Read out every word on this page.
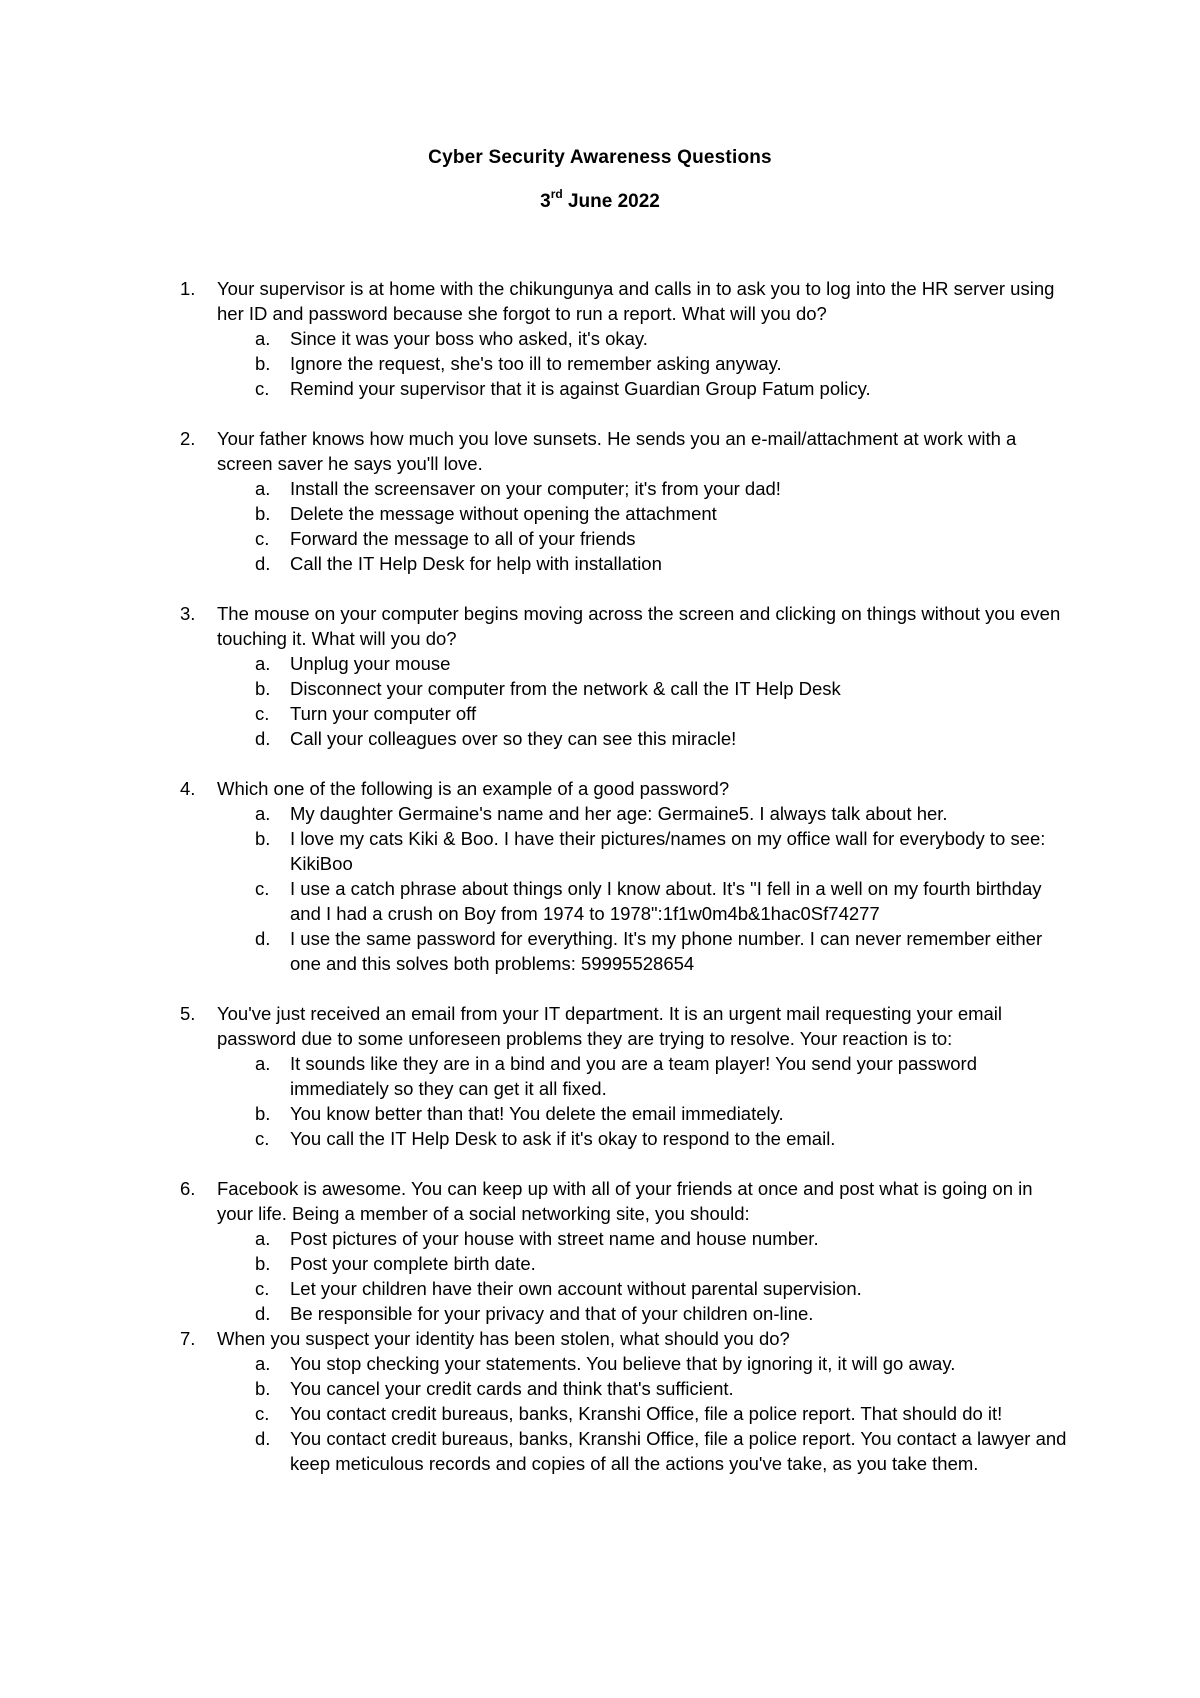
Cyber Security Awareness Questions
3rd June 2022
1.	Your supervisor is at home with the chikungunya and calls in to ask you to log into the HR server using her ID and password because she forgot to run a report. What will you do?
a.	Since it was your boss who asked, it's okay.
b.	Ignore the request, she's too ill to remember asking anyway.
c.	Remind your supervisor that it is against Guardian Group Fatum policy.
2.	Your father knows how much you love sunsets. He sends you an e-mail/attachment at work with a screen saver he says you'll love.
a.	Install the screensaver on your computer; it's from your dad!
b.	Delete the message without opening the attachment
c.	Forward the message to all of your friends
d.	Call the IT Help Desk for help with installation
3.	The mouse on your computer begins moving across the screen and clicking on things without you even touching it. What will you do?
a.	Unplug your mouse
b.	Disconnect your computer from the network & call the IT Help Desk
c.	Turn your computer off
d.	Call your colleagues over so they can see this miracle!
4.	Which one of the following is an example of a good password?
a.	My daughter Germaine's name and her age: Germaine5. I always talk about her.
b.	I love my cats Kiki & Boo. I have their pictures/names on my office wall for everybody to see: KikiBoo
c.	I use a catch phrase about things only I know about. It's "I fell in a well on my fourth birthday and I had a crush on Boy from 1974 to 1978":1f1w0m4b&1hac0Sf74277
d.	I use the same password for everything. It's my phone number. I can never remember either one and this solves both problems: 59995528654
5.	You've just received an email from your IT department. It is an urgent mail requesting your email password due to some unforeseen problems they are trying to resolve. Your reaction is to:
a.	It sounds like they are in a bind and you are a team player! You send your password immediately so they can get it all fixed.
b.	You know better than that! You delete the email immediately.
c.	You call the IT Help Desk to ask if it's okay to respond to the email.
6.	Facebook is awesome. You can keep up with all of your friends at once and post what is going on in your life. Being a member of a social networking site, you should:
a.	Post pictures of your house with street name and house number.
b.	Post your complete birth date.
c.	Let your children have their own account without parental supervision.
d.	Be responsible for your privacy and that of your children on-line.
7.	When you suspect your identity has been stolen, what should you do?
a.	You stop checking your statements. You believe that by ignoring it, it will go away.
b.	You cancel your credit cards and think that's sufficient.
c.	You contact credit bureaus, banks, Kranshi Office, file a police report. That should do it!
d.	You contact credit bureaus, banks, Kranshi Office, file a police report. You contact a lawyer and keep meticulous records and copies of all the actions you've take, as you take them.
